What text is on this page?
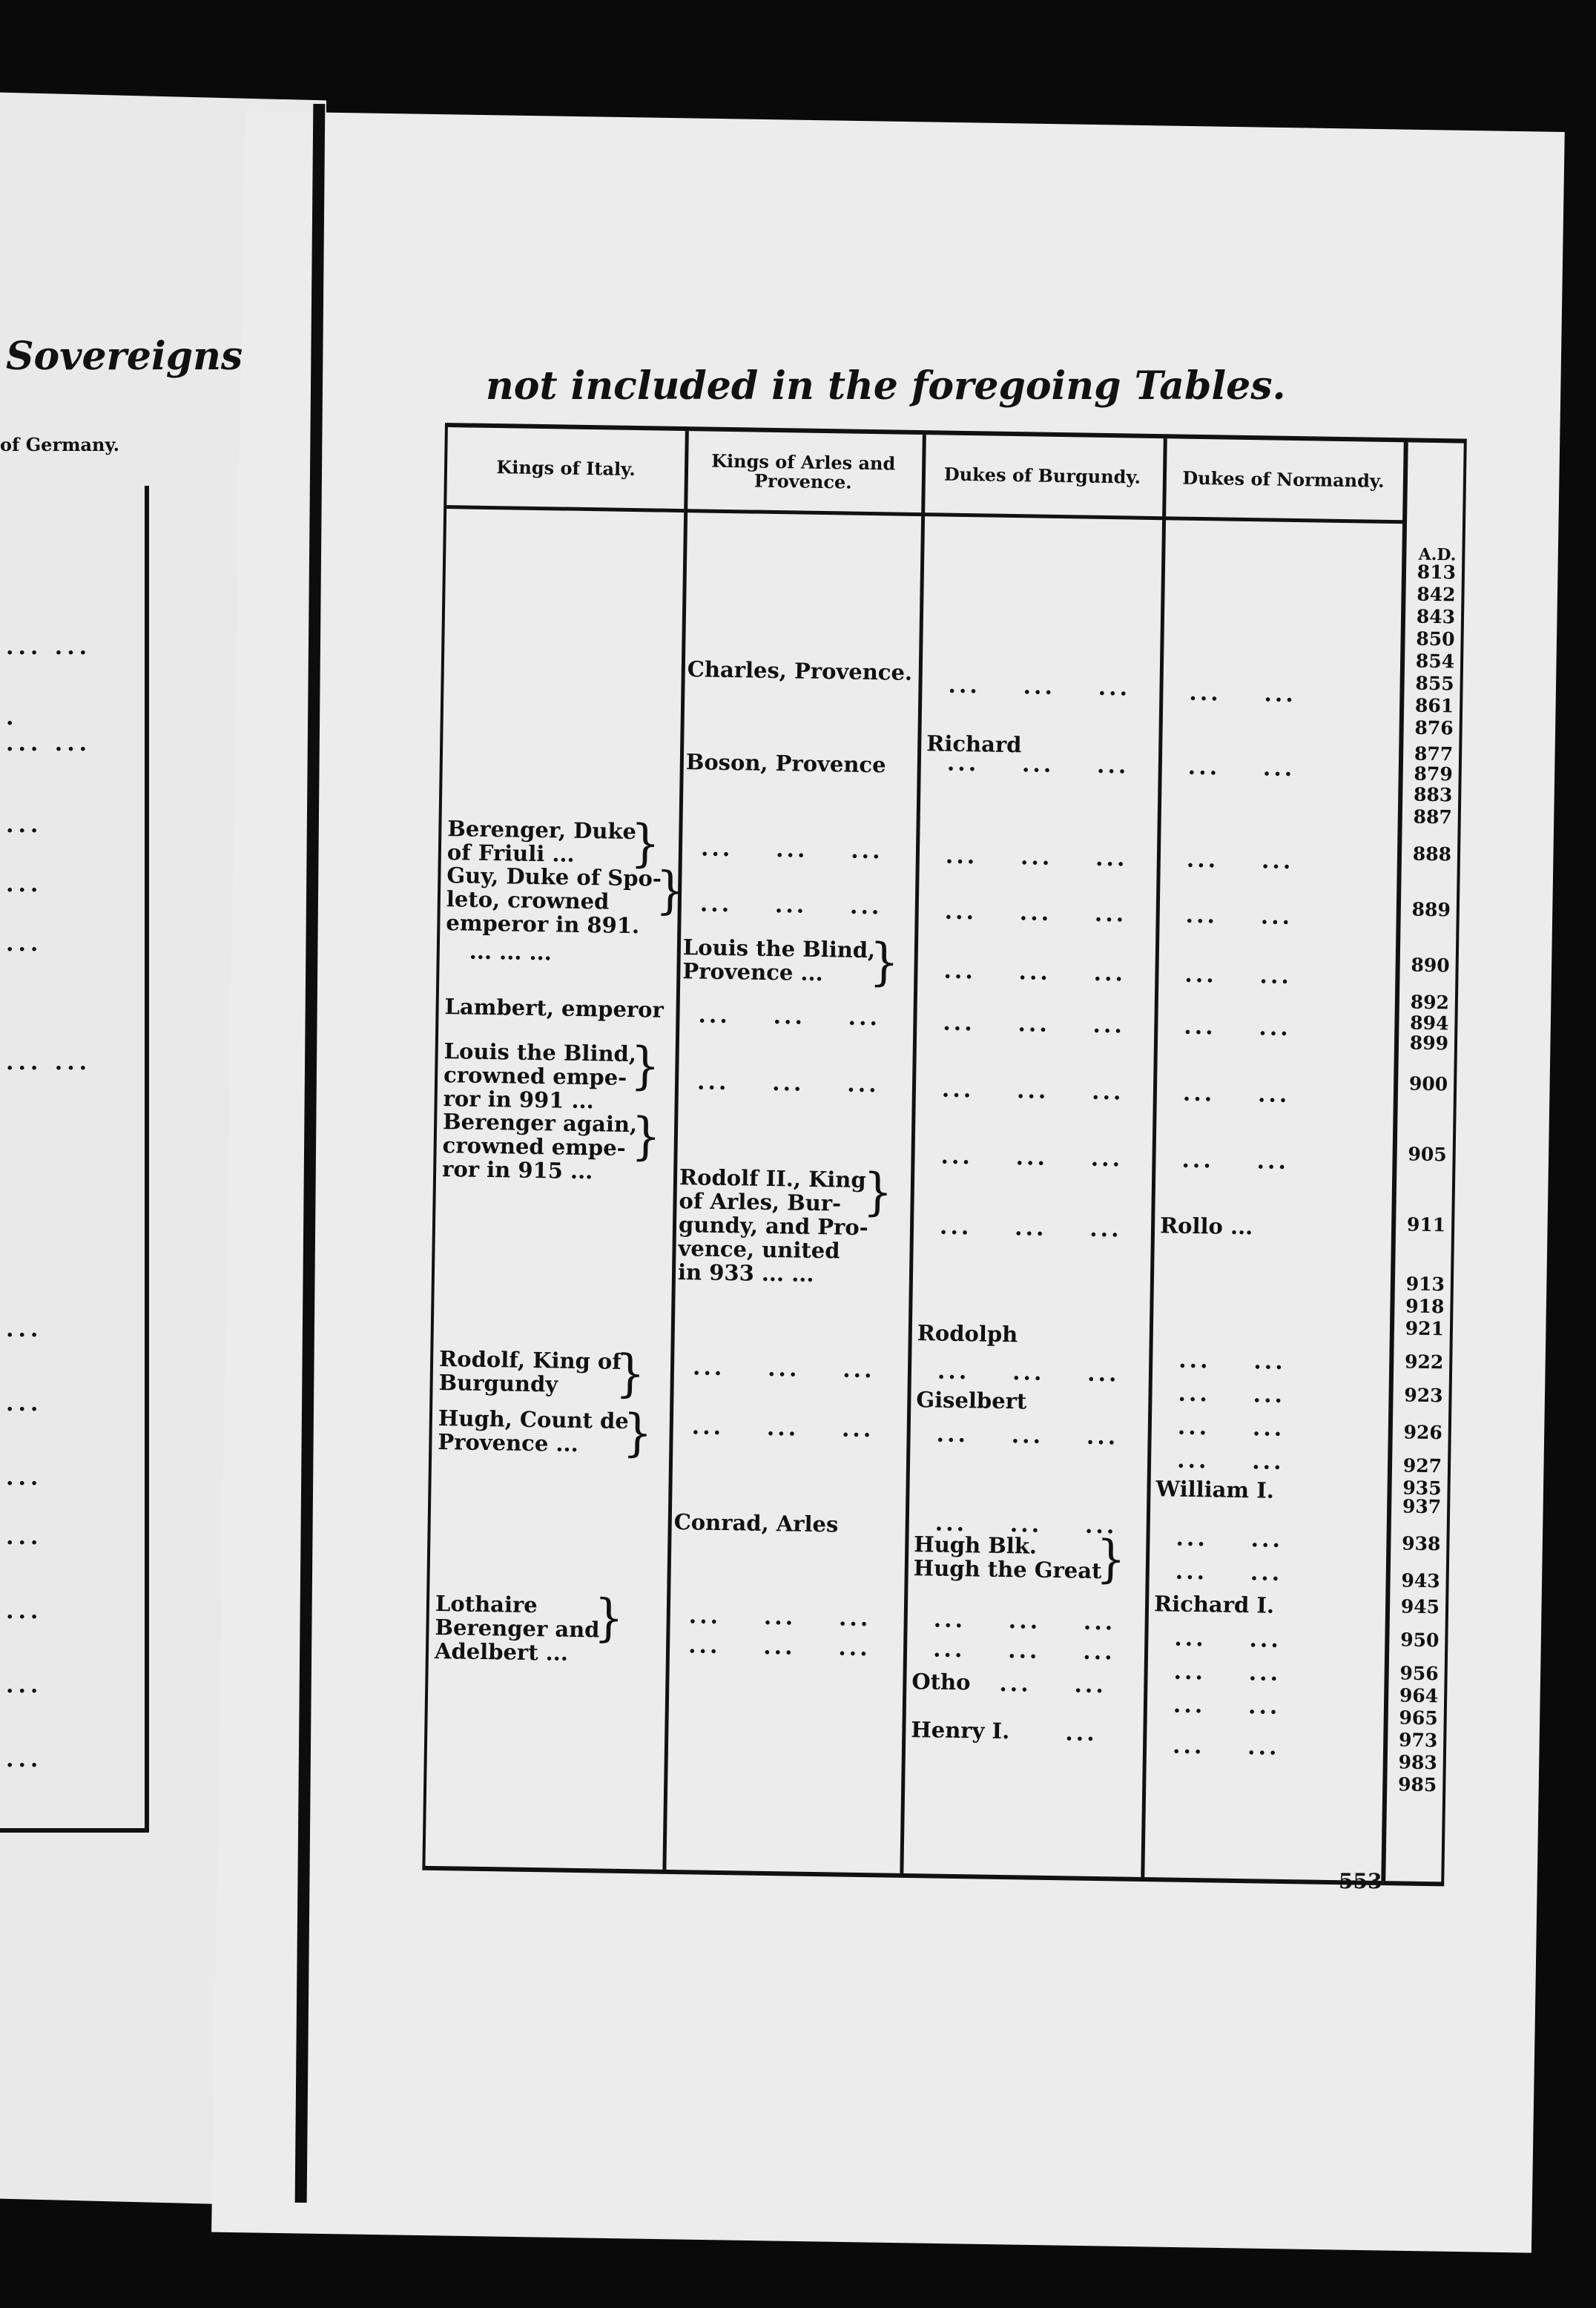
Sovereigns
of Germany.
... ...
.
... ...
...
...
...
... ...
...
...
...
...
...
...
...
not included in the foregoing Tables.
Kings of Italy.
Berenger, Duke
of Friuli ... }
Guy, Duke of Spo-
leto, crowned
emperor in 891. }
... ... ...
Lambert, emperor
Louis the Blind,
crowned empe-
ror in 991 ... }
Berenger again,
crowned empe-
ror in 915 ... }
Rodolf, King of
Burgundy }
Hugh, Count de
Provence ... }
Lothaire
Berenger and
Adelbert ... }
Kings of Arles and Provence.
Charles, Provence.
Boson, Provence
...    ...    ...
...    ...    ...
Louis the Blind,
Provence ... }
...    ...    ...
...    ...    ...
Rodolf II., King
of Arles, Bur-
gundy, and Pro-
vence, united
in 933 ... ... }
...    ...    ...
...    ...    ...
Conrad, Arles
...    ...    ...
...    ...    ...
Dukes of Burgundy.
...    ...    ...
Richard
...    ...    ...
...    ...    ...
...    ...    ...
...    ...    ...
...    ...    ...
...    ...    ...
...    ...    ...
...    ...    ...
Rodolph
...    ...    ...
Giselbert
...    ...    ...
...    ...    ...
Hugh Blk.
Hugh the Great }
...    ...    ...
...    ...    ...
Otho ...    ...
Henry I. ...
Dukes of Normandy.
...    ...
...    ...
...    ...
...    ...
...    ...
...    ...
...    ...
...    ...
Rollo ...
...    ...
...    ...
...    ...
...    ...
William I.
...    ...
...    ...
Richard I.
...    ...
...    ...
...    ...
...    ...
A.D.
813
842
843
850
854
855
861
876
877
879
883
887
888
889
890
892
894
899
900
905
911
913
918
921
922
923
926
927
935
937
938
943
945
950
956
964
965
973
983
985
553
